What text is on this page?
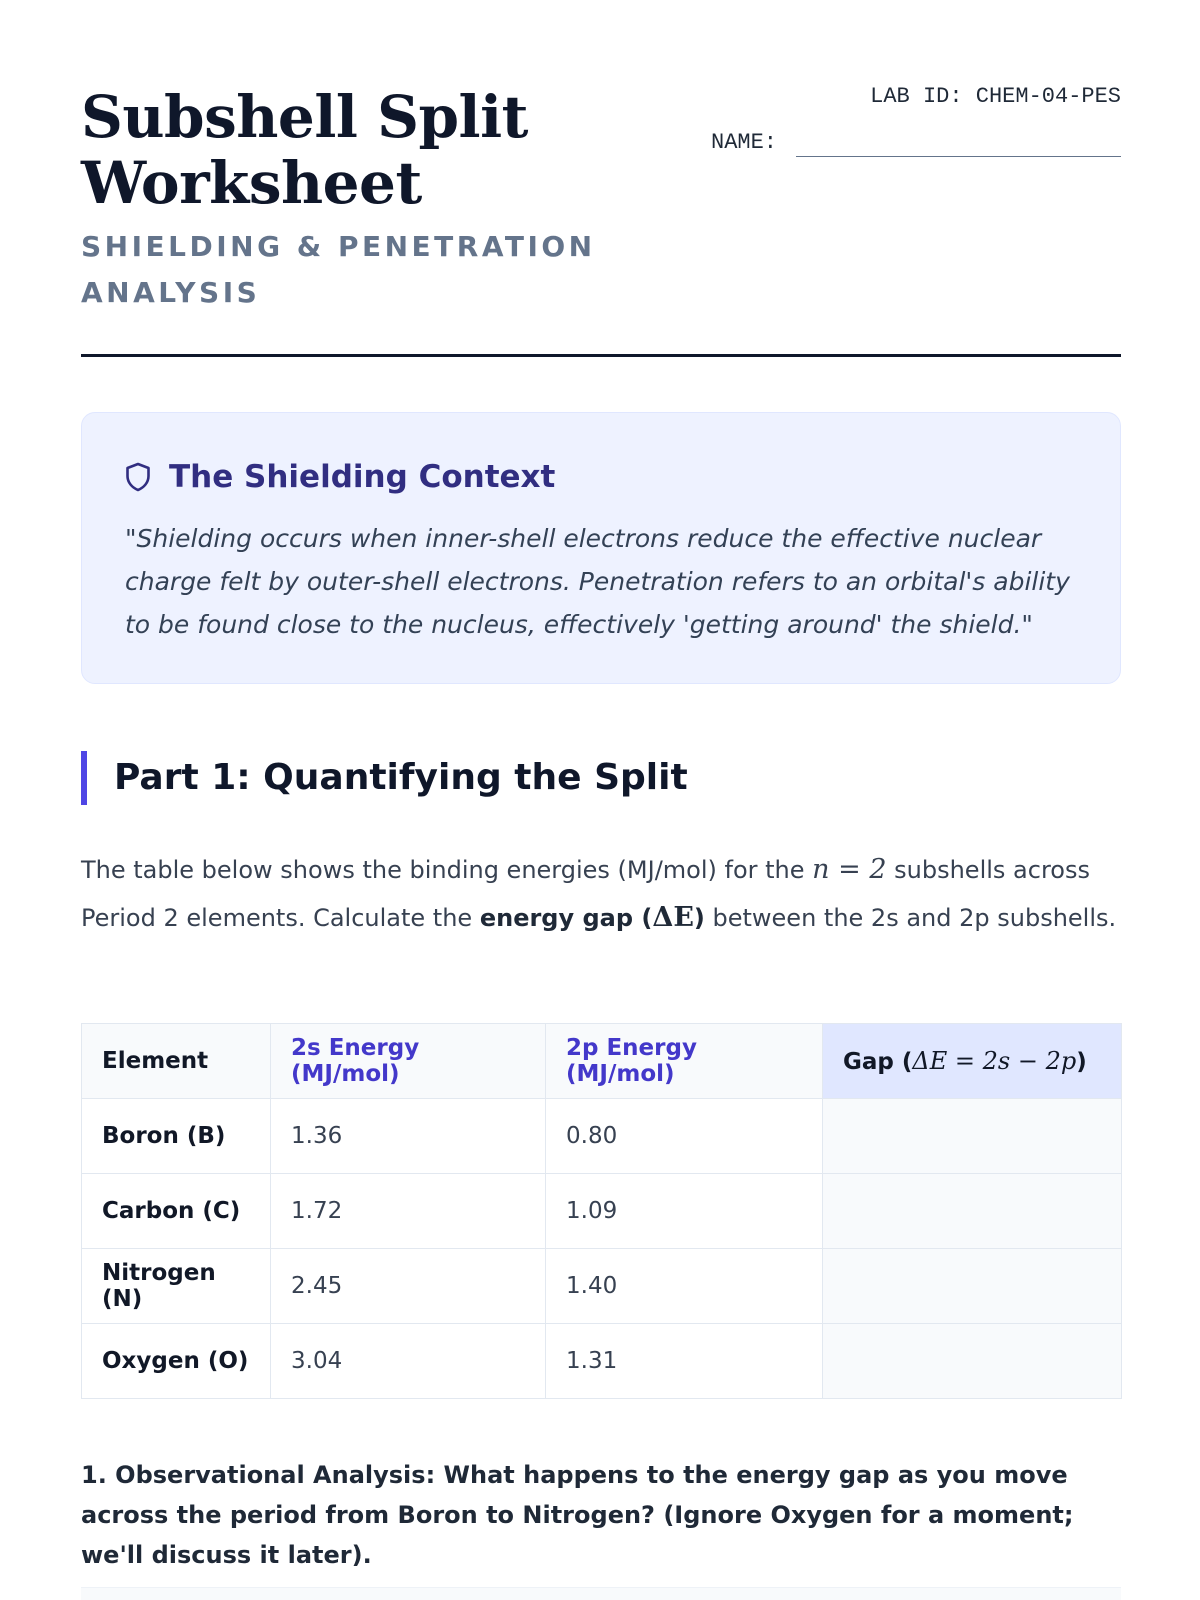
Subshell Split
Worksheet
SHIELDING & PENETRATION
ANALYSIS
LAB ID: CHEM-04-PES
NAME:
The Shielding Context
"Shielding occurs when inner-shell electrons reduce the effective nuclear charge felt by outer-shell electrons. Penetration refers to an orbital's ability to be found close to the nucleus, effectively 'getting around' the shield."
Part 1: Quantifying the Split

The table below shows the binding energies (MJ/mol) for the n = 2 subshells across Period 2 elements. Calculate the energy gap (ΔE) between the 2s and 2p subshells.

Element	2s Energy (MJ/mol)	2p Energy (MJ/mol)	Gap (ΔE = 2s − 2p)
Boron (B)	1.36	0.80	
Carbon (C)	1.72	1.09	
Nitrogen (N)	2.45	1.40	
Oxygen (O)	3.04	1.31	
1. Observational Analysis: What happens to the energy gap as you move across the period from Boron to Nitrogen? (Ignore Oxygen for a moment; we'll discuss it later).
